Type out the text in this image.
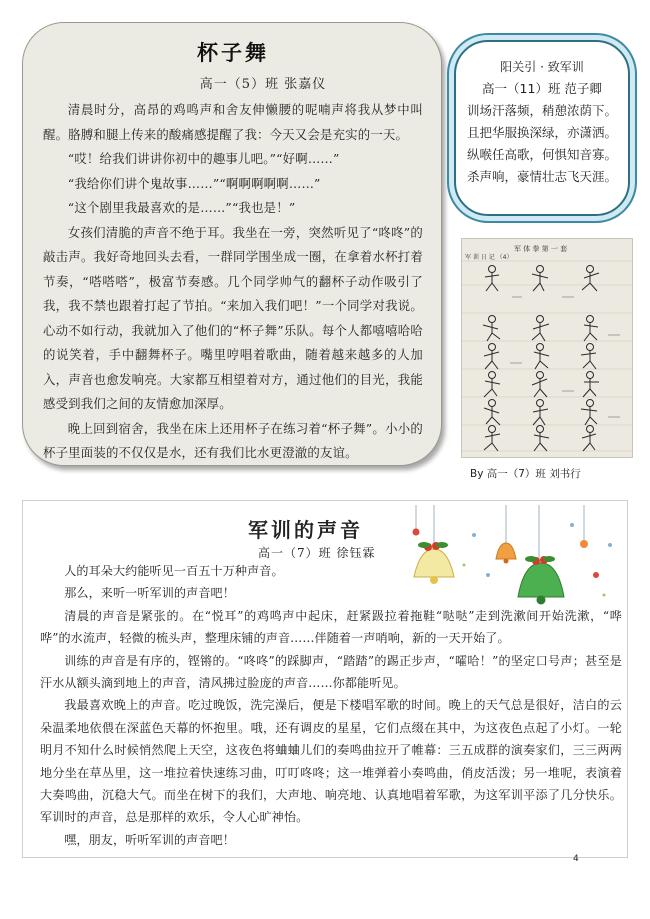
杯子舞
高一（5）班 张嘉仪

清晨时分，高昂的鸡鸣声和舍友伸懒腰的呢喃声将我从梦中叫醒。胳膊和腿上传来的酸痛感提醒了我：今天又会是充实的一天。

“哎！给我们讲讲你初中的趣事儿吧。”“好啊……”

“我给你们讲个鬼故事……”“啊啊啊啊啊……”

“这个剧里我最喜欢的是……”“我也是！”

女孩们清脆的声音不绝于耳。我坐在一旁，突然听见了“咚咚”的敲击声。我好奇地回头去看，一群同学围坐成一圈，在拿着水杯打着节奏，“嗒嗒嗒”，极富节奏感。几个同学帅气的翻杯子动作吸引了我，我不禁也跟着打起了节拍。“来加入我们吧！”一个同学对我说。心动不如行动，我就加入了他们的“杯子舞”乐队。每个人都嘻嘻哈哈的说笑着，手中翻舞杯子。嘴里哼唱着歌曲，随着越来越多的人加入，声音也愈发响亮。大家都互相望着对方，通过他们的目光，我能感受到我们之间的友情愈加深厚。

晚上回到宿舍，我坐在床上还用杯子在练习着“杯子舞”。小小的杯子里面装的不仅仅是水，还有我们比水更澄澈的友谊。

阳关引 · 致军训
高一（11）班 范子卿
训场汗落频，稍憩浓荫下。
且把华服换深绿，亦潇洒。
纵喉任高歌，何惧知音寡。
杀声响，豪情壮志飞天涯。
军 训 日 记 （4）
军 体 拳 第 一 套
By 高一（7）班 刘书行
军训的声音
高一（7）班 徐钰霖

人的耳朵大约能听见一百五十万种声音。

那么，来听一听军训的声音吧！

清晨的声音是紧张的。在“悦耳”的鸡鸣声中起床，赶紧趿拉着拖鞋“哒哒”走到洗漱间开始洗漱，“哗哗”的水流声，轻微的梳头声，整理床铺的声音……伴随着一声哨响，新的一天开始了。

训练的声音是有序的，铿锵的。“咚咚”的踩脚声，“踏踏”的踢正步声，“嚯哈！”的坚定口号声；甚至是汗水从额头滴到地上的声音，清风拂过脸庞的声音……你都能听见。

我最喜欢晚上的声音。吃过晚饭，洗完澡后，便是下楼唱军歌的时间。晚上的天气总是很好，洁白的云朵温柔地依偎在深蓝色天幕的怀抱里。哦，还有调皮的星星，它们点缀在其中，为这夜色点起了小灯。一轮明月不知什么时候悄然爬上天空，这夜色将蛐蛐儿们的奏鸣曲拉开了帷幕：三五成群的演奏家们，三三两两地分坐在草丛里，这一堆拉着快速练习曲，叮叮咚咚；这一堆弹着小奏鸣曲，俏皮活泼；另一堆呢，表演着大奏鸣曲，沉稳大气。而坐在树下的我们，大声地、响亮地、认真地唱着军歌，为这军训平添了几分快乐。军训时的声音，总是那样的欢乐，令人心旷神怡。

嘿，朋友，听听军训的声音吧！

4
